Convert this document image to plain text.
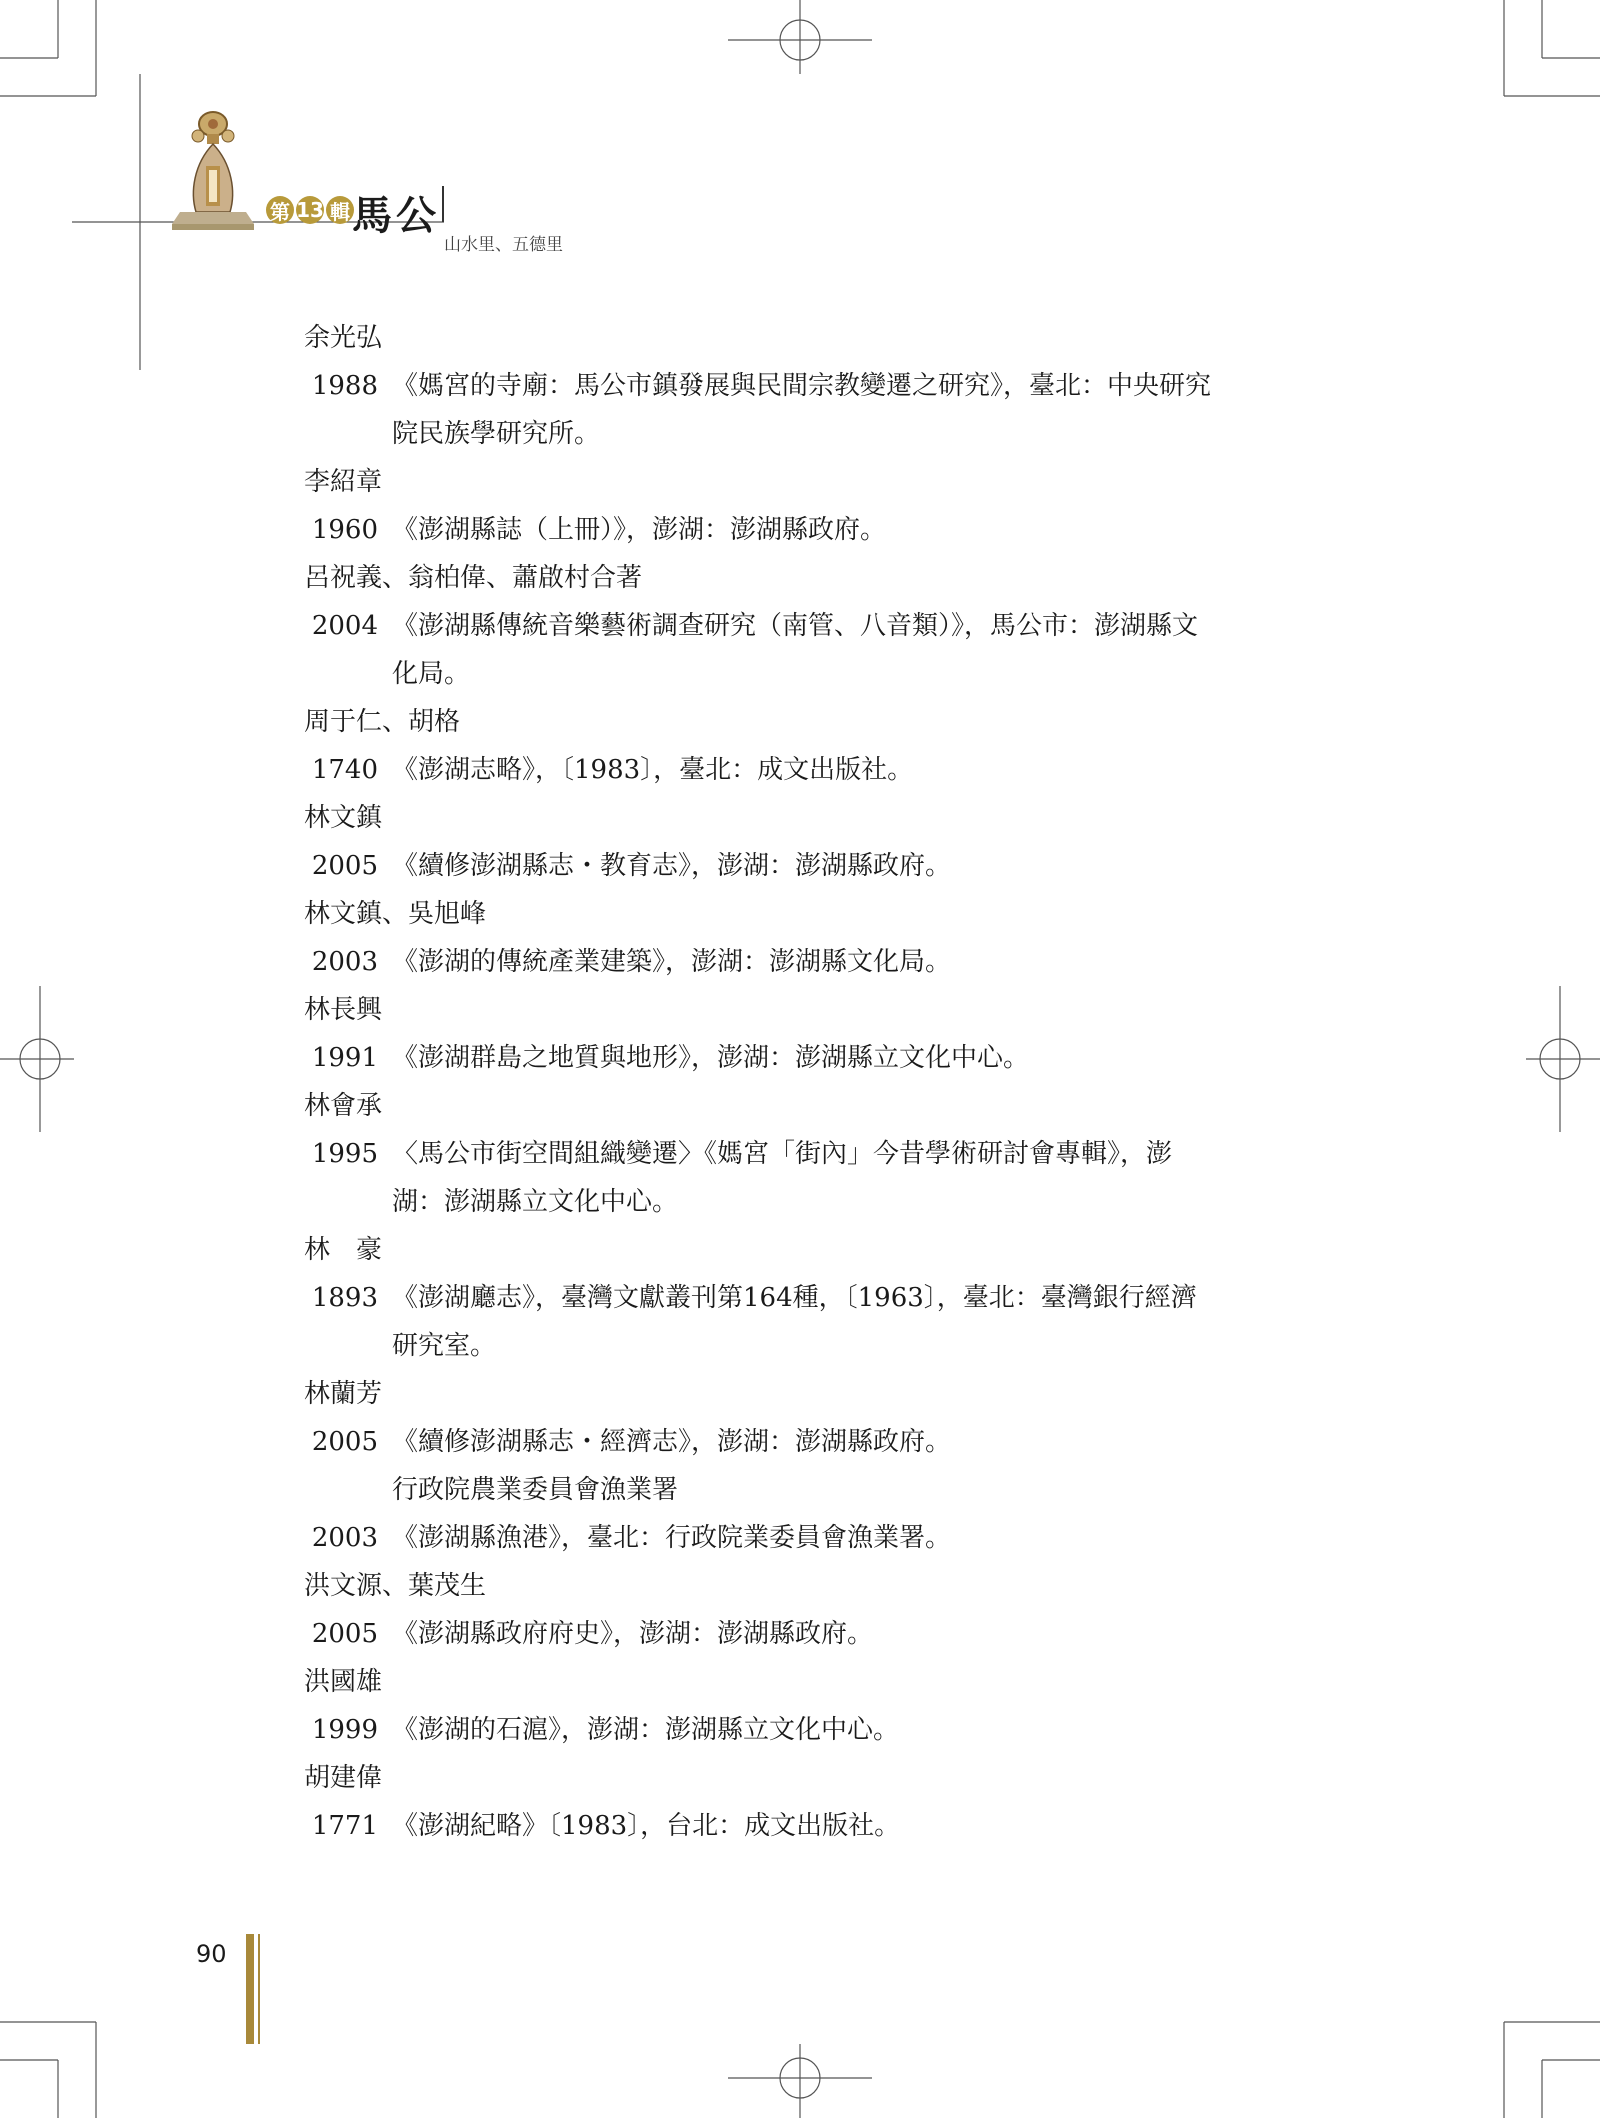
第 13 輯 馬公
山水里、五德里
余光弘
1988 《媽宮的寺廟：馬公市鎮發展與民間宗教變遷之研究》，臺北：中央研究
院民族學研究所。
李紹章
1960 《澎湖縣誌（上冊）》，澎湖：澎湖縣政府。
呂祝義、翁柏偉、蕭啟村合著
2004 《澎湖縣傳統音樂藝術調查研究（南管、八音類）》，馬公市：澎湖縣文
化局。
周于仁、胡格
1740 《澎湖志略》，〔1983〕，臺北：成文出版社。
林文鎮
2005 《續修澎湖縣志・教育志》，澎湖：澎湖縣政府。
林文鎮、吳旭峰
2003 《澎湖的傳統產業建築》，澎湖：澎湖縣文化局。
林長興
1991 《澎湖群島之地質與地形》，澎湖：澎湖縣立文化中心。
林會承
1995 〈馬公市街空間組織變遷〉《媽宮「街內」今昔學術研討會專輯》，澎
湖：澎湖縣立文化中心。
林　豪
1893 《澎湖廳志》，臺灣文獻叢刊第164種，〔1963〕，臺北：臺灣銀行經濟
研究室。
林蘭芳
2005 《續修澎湖縣志・經濟志》，澎湖：澎湖縣政府。
行政院農業委員會漁業署
2003 《澎湖縣漁港》，臺北：行政院業委員會漁業署。
洪文源、葉茂生
2005 《澎湖縣政府府史》，澎湖：澎湖縣政府。
洪國雄
1999 《澎湖的石滬》，澎湖：澎湖縣立文化中心。
胡建偉
1771 《澎湖紀略》〔1983〕，台北：成文出版社。
90
